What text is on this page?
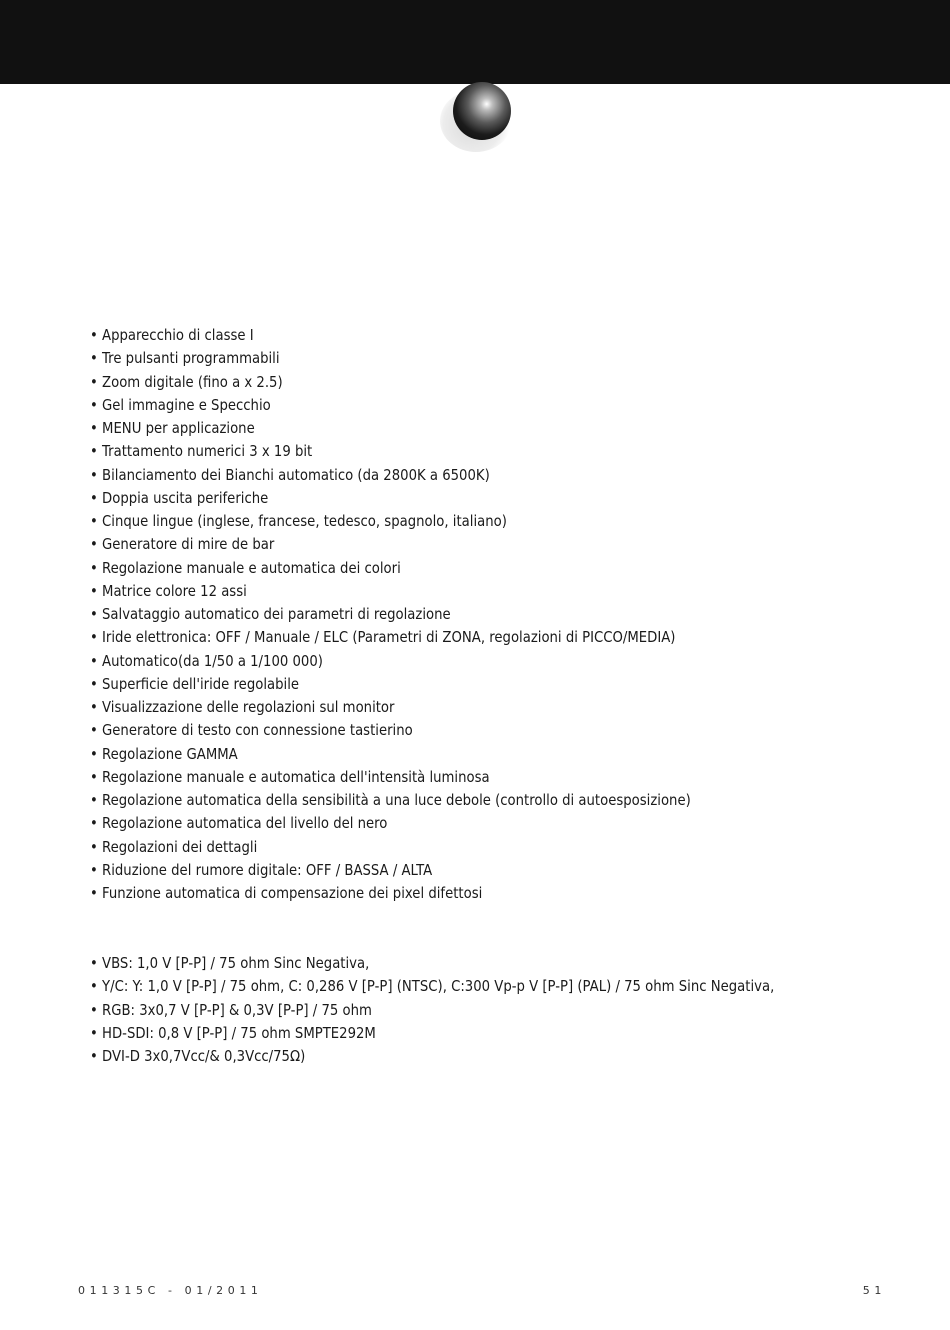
• Apparecchio di classe I
• Tre pulsanti programmabili
• Zoom digitale (fino a x 2.5)
• Gel immagine e Specchio
• MENU per applicazione
• Trattamento numerici 3 x 19 bit
• Bilanciamento dei Bianchi automatico (da 2800K a 6500K)
• Doppia uscita periferiche
• Cinque lingue (inglese, francese, tedesco, spagnolo, italiano)
• Generatore di mire de bar
• Regolazione manuale e automatica dei colori
• Matrice colore 12 assi
• Salvataggio automatico dei parametri di regolazione
• Iride elettronica: OFF / Manuale / ELC (Parametri di ZONA, regolazioni di PICCO/MEDIA)
• Automatico(da 1/50 a 1/100 000)
• Superficie dell'iride regolabile
• Visualizzazione delle regolazioni sul monitor
• Generatore di testo con connessione tastierino
• Regolazione GAMMA
• Regolazione manuale e automatica dell'intensità luminosa
• Regolazione automatica della sensibilità a una luce debole (controllo di autoesposizione)
• Regolazione automatica del livello del nero
• Regolazioni dei dettagli
• Riduzione del rumore digitale: OFF / BASSA / ALTA
• Funzione automatica di compensazione dei pixel difettosi
• VBS: 1,0 V [P-P] / 75 ohm Sinc Negativa,
• Y/C: Y: 1,0 V [P-P] / 75 ohm, C: 0,286 V [P-P] (NTSC), C:300 Vp-p V [P-P] (PAL) / 75 ohm Sinc Negativa,
• RGB: 3x0,7 V [P-P] & 0,3V [P-P] / 75 ohm
• HD-SDI: 0,8 V [P-P] / 75 ohm SMPTE292M
• DVI-D 3x0,7Vcc/& 0,3Vcc/75Ω)
011315C - 01/2011	51
